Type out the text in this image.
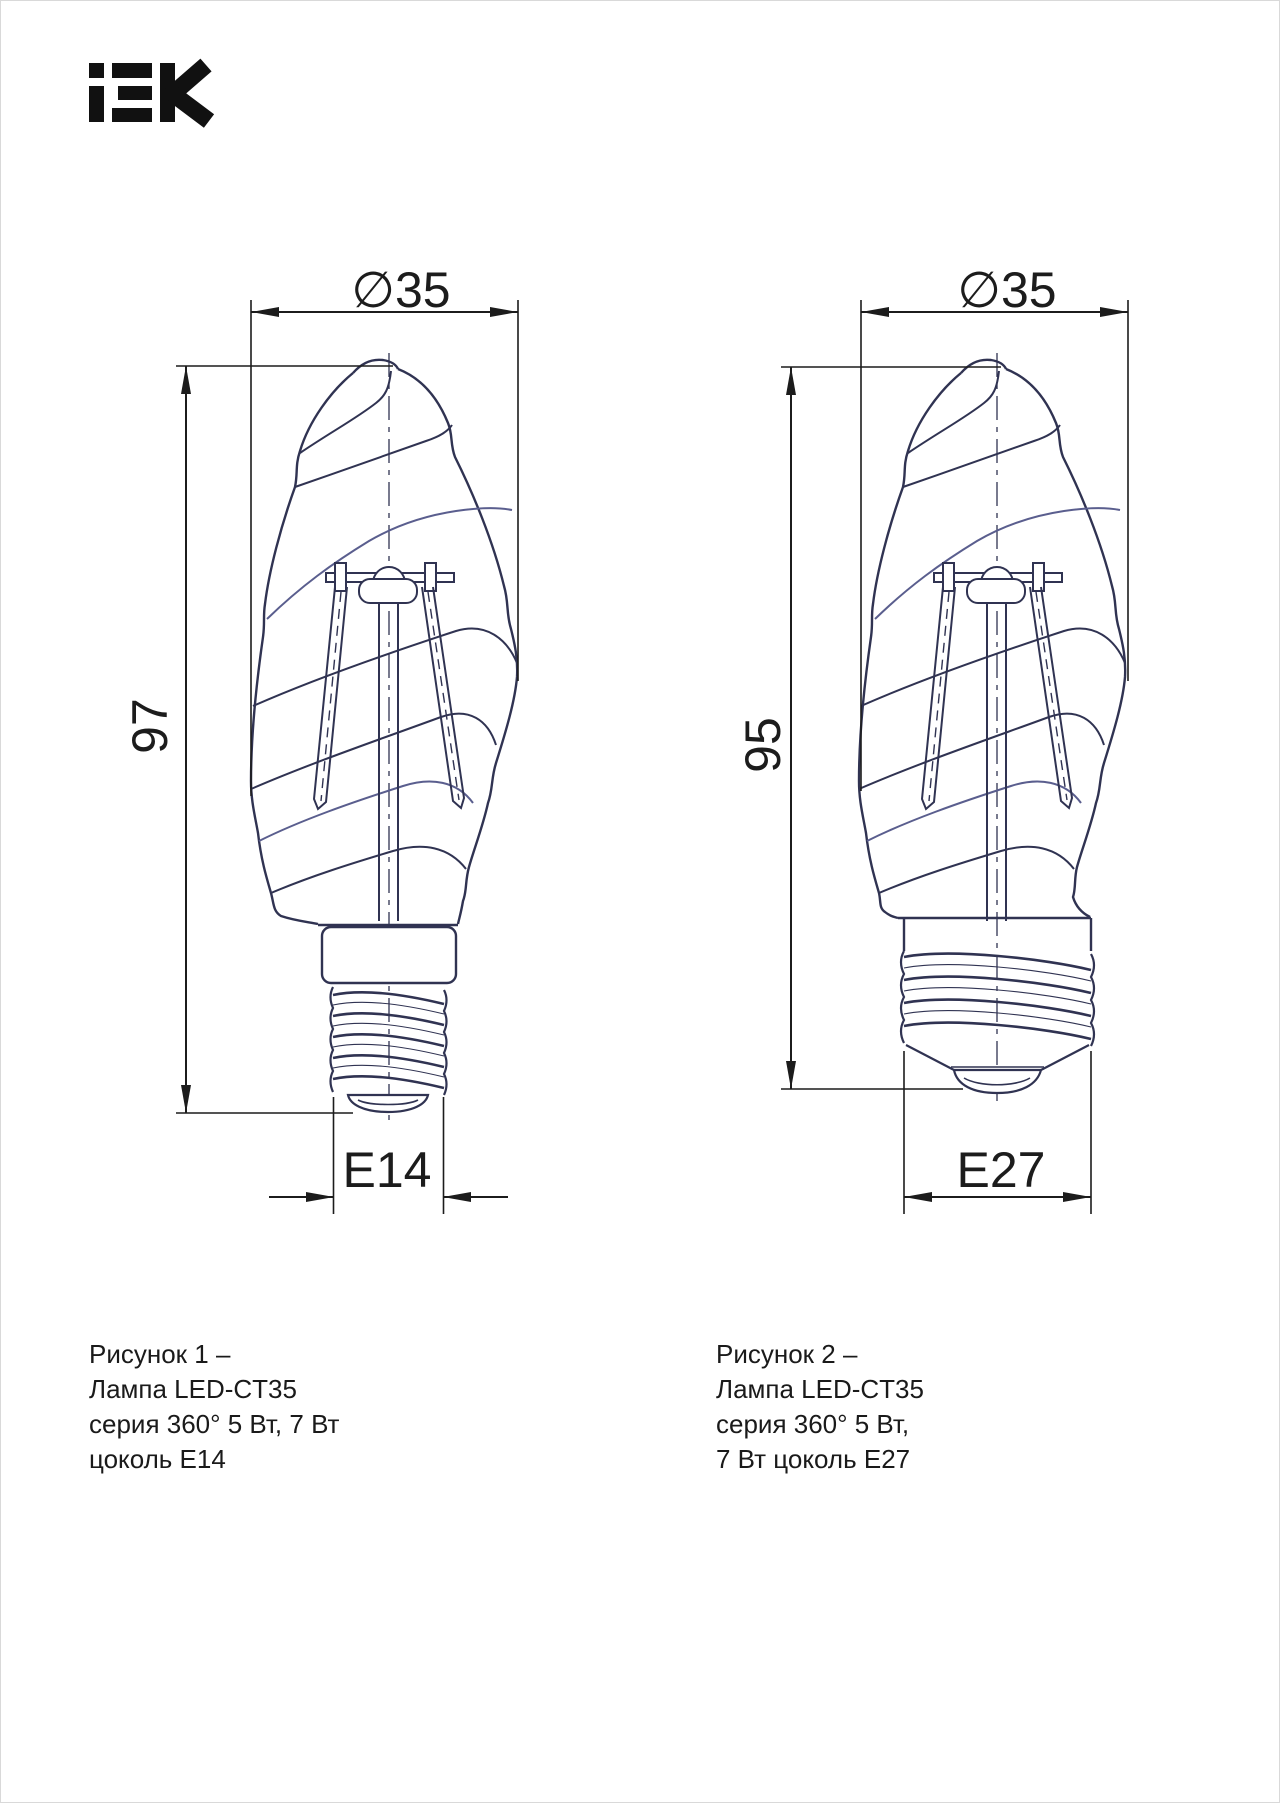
∅35
97
E14
∅35
95
E27
Рисунок 1 –
Лампа LED-CT35
серия 360° 5 Вт, 7 Вт
цоколь Е14
Рисунок 2 –
Лампа LED-CT35
серия 360° 5 Вт,
7 Вт цоколь Е27
